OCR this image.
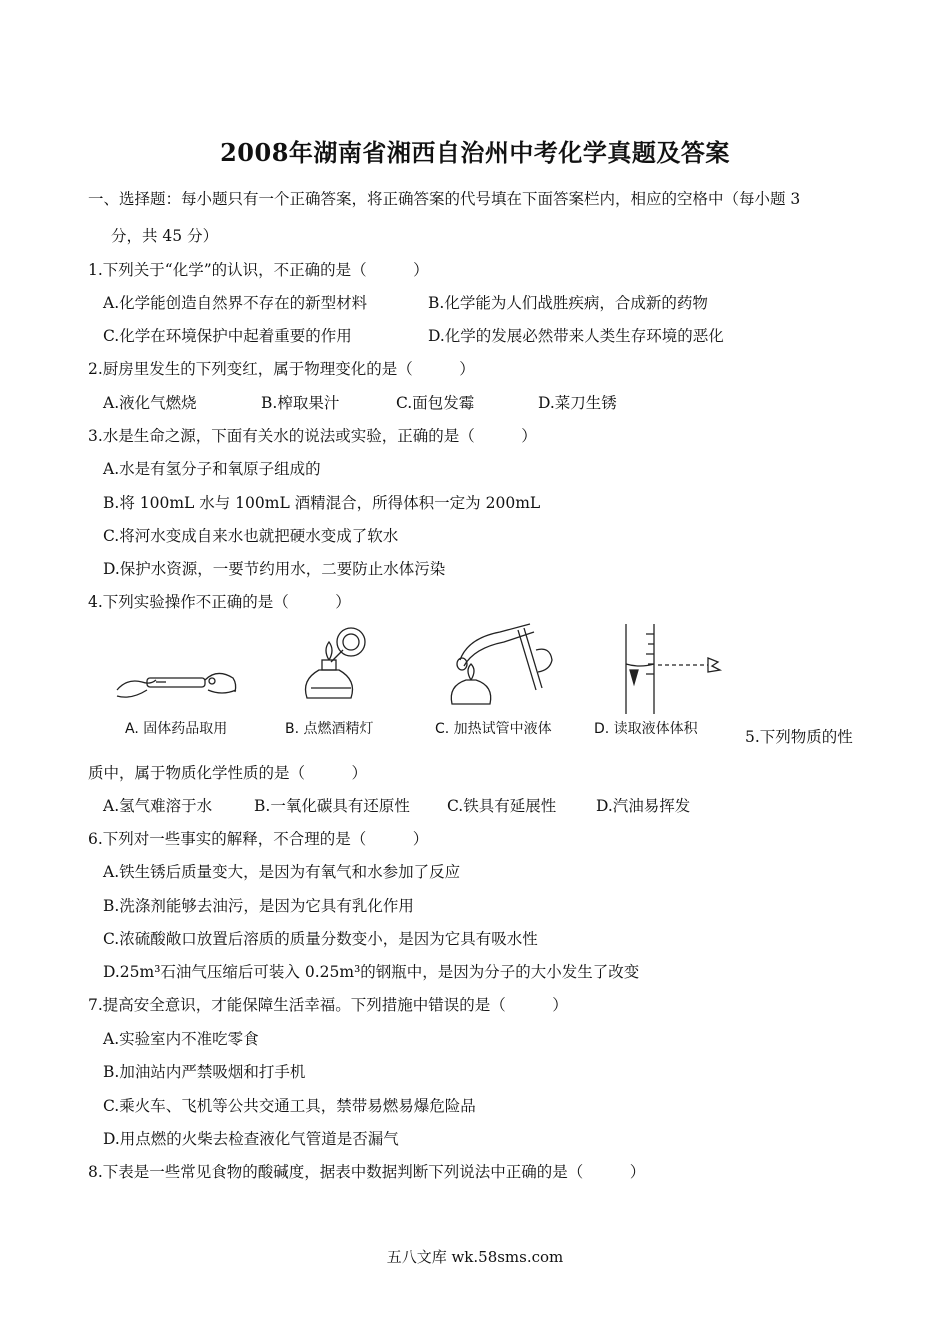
2008年湖南省湘西自治州中考化学真题及答案
一、选择题：每小题只有一个正确答案，将正确答案的代号填在下面答案栏内，相应的空格中（每小题 3
分，共 45 分）
1.下列关于“化学”的认识，不正确的是（　　　）
A.化学能创造自然界不存在的新型材料	B.化学能为人们战胜疾病，合成新的药物
C.化学在环境保护中起着重要的作用	D.化学的发展必然带来人类生存环境的恶化
2.厨房里发生的下列变红，属于物理变化的是（　　　）
A.液化气燃烧	B.榨取果汁	C.面包发霉	D.菜刀生锈
3.水是生命之源，下面有关水的说法或实验，正确的是（　　　）
A.水是有氢分子和氧原子组成的
B.将 100mL 水与 100mL 酒精混合，所得体积一定为 200mL
C.将河水变成自来水也就把硬水变成了软水
D.保护水资源，一要节约用水，二要防止水体污染
4.下列实验操作不正确的是（　　　）
A. 固体药品取用	B. 点燃酒精灯	C. 加热试管中液体	D. 读取液体体积	5.下列物质的性
质中，属于物质化学性质的是（　　　）
A.氢气难溶于水	B.一氧化碳具有还原性 C.铁具有延展性	D.汽油易挥发
6.下列对一些事实的解释，不合理的是（　　　）
A.铁生锈后质量变大，是因为有氧气和水参加了反应
B.洗涤剂能够去油污，是因为它具有乳化作用
C.浓硫酸敞口放置后溶质的质量分数变小，是因为它具有吸水性
D.25m³石油气压缩后可装入 0.25m³的钢瓶中，是因为分子的大小发生了改变
7.提高安全意识，才能保障生活幸福。下列措施中错误的是（　　　）
A.实验室内不准吃零食
B.加油站内严禁吸烟和打手机
C.乘火车、飞机等公共交通工具，禁带易燃易爆危险品
D.用点燃的火柴去检查液化气管道是否漏气
8.下表是一些常见食物的酸碱度，据表中数据判断下列说法中正确的是（　　　）
五八文库 wk.58sms.com
